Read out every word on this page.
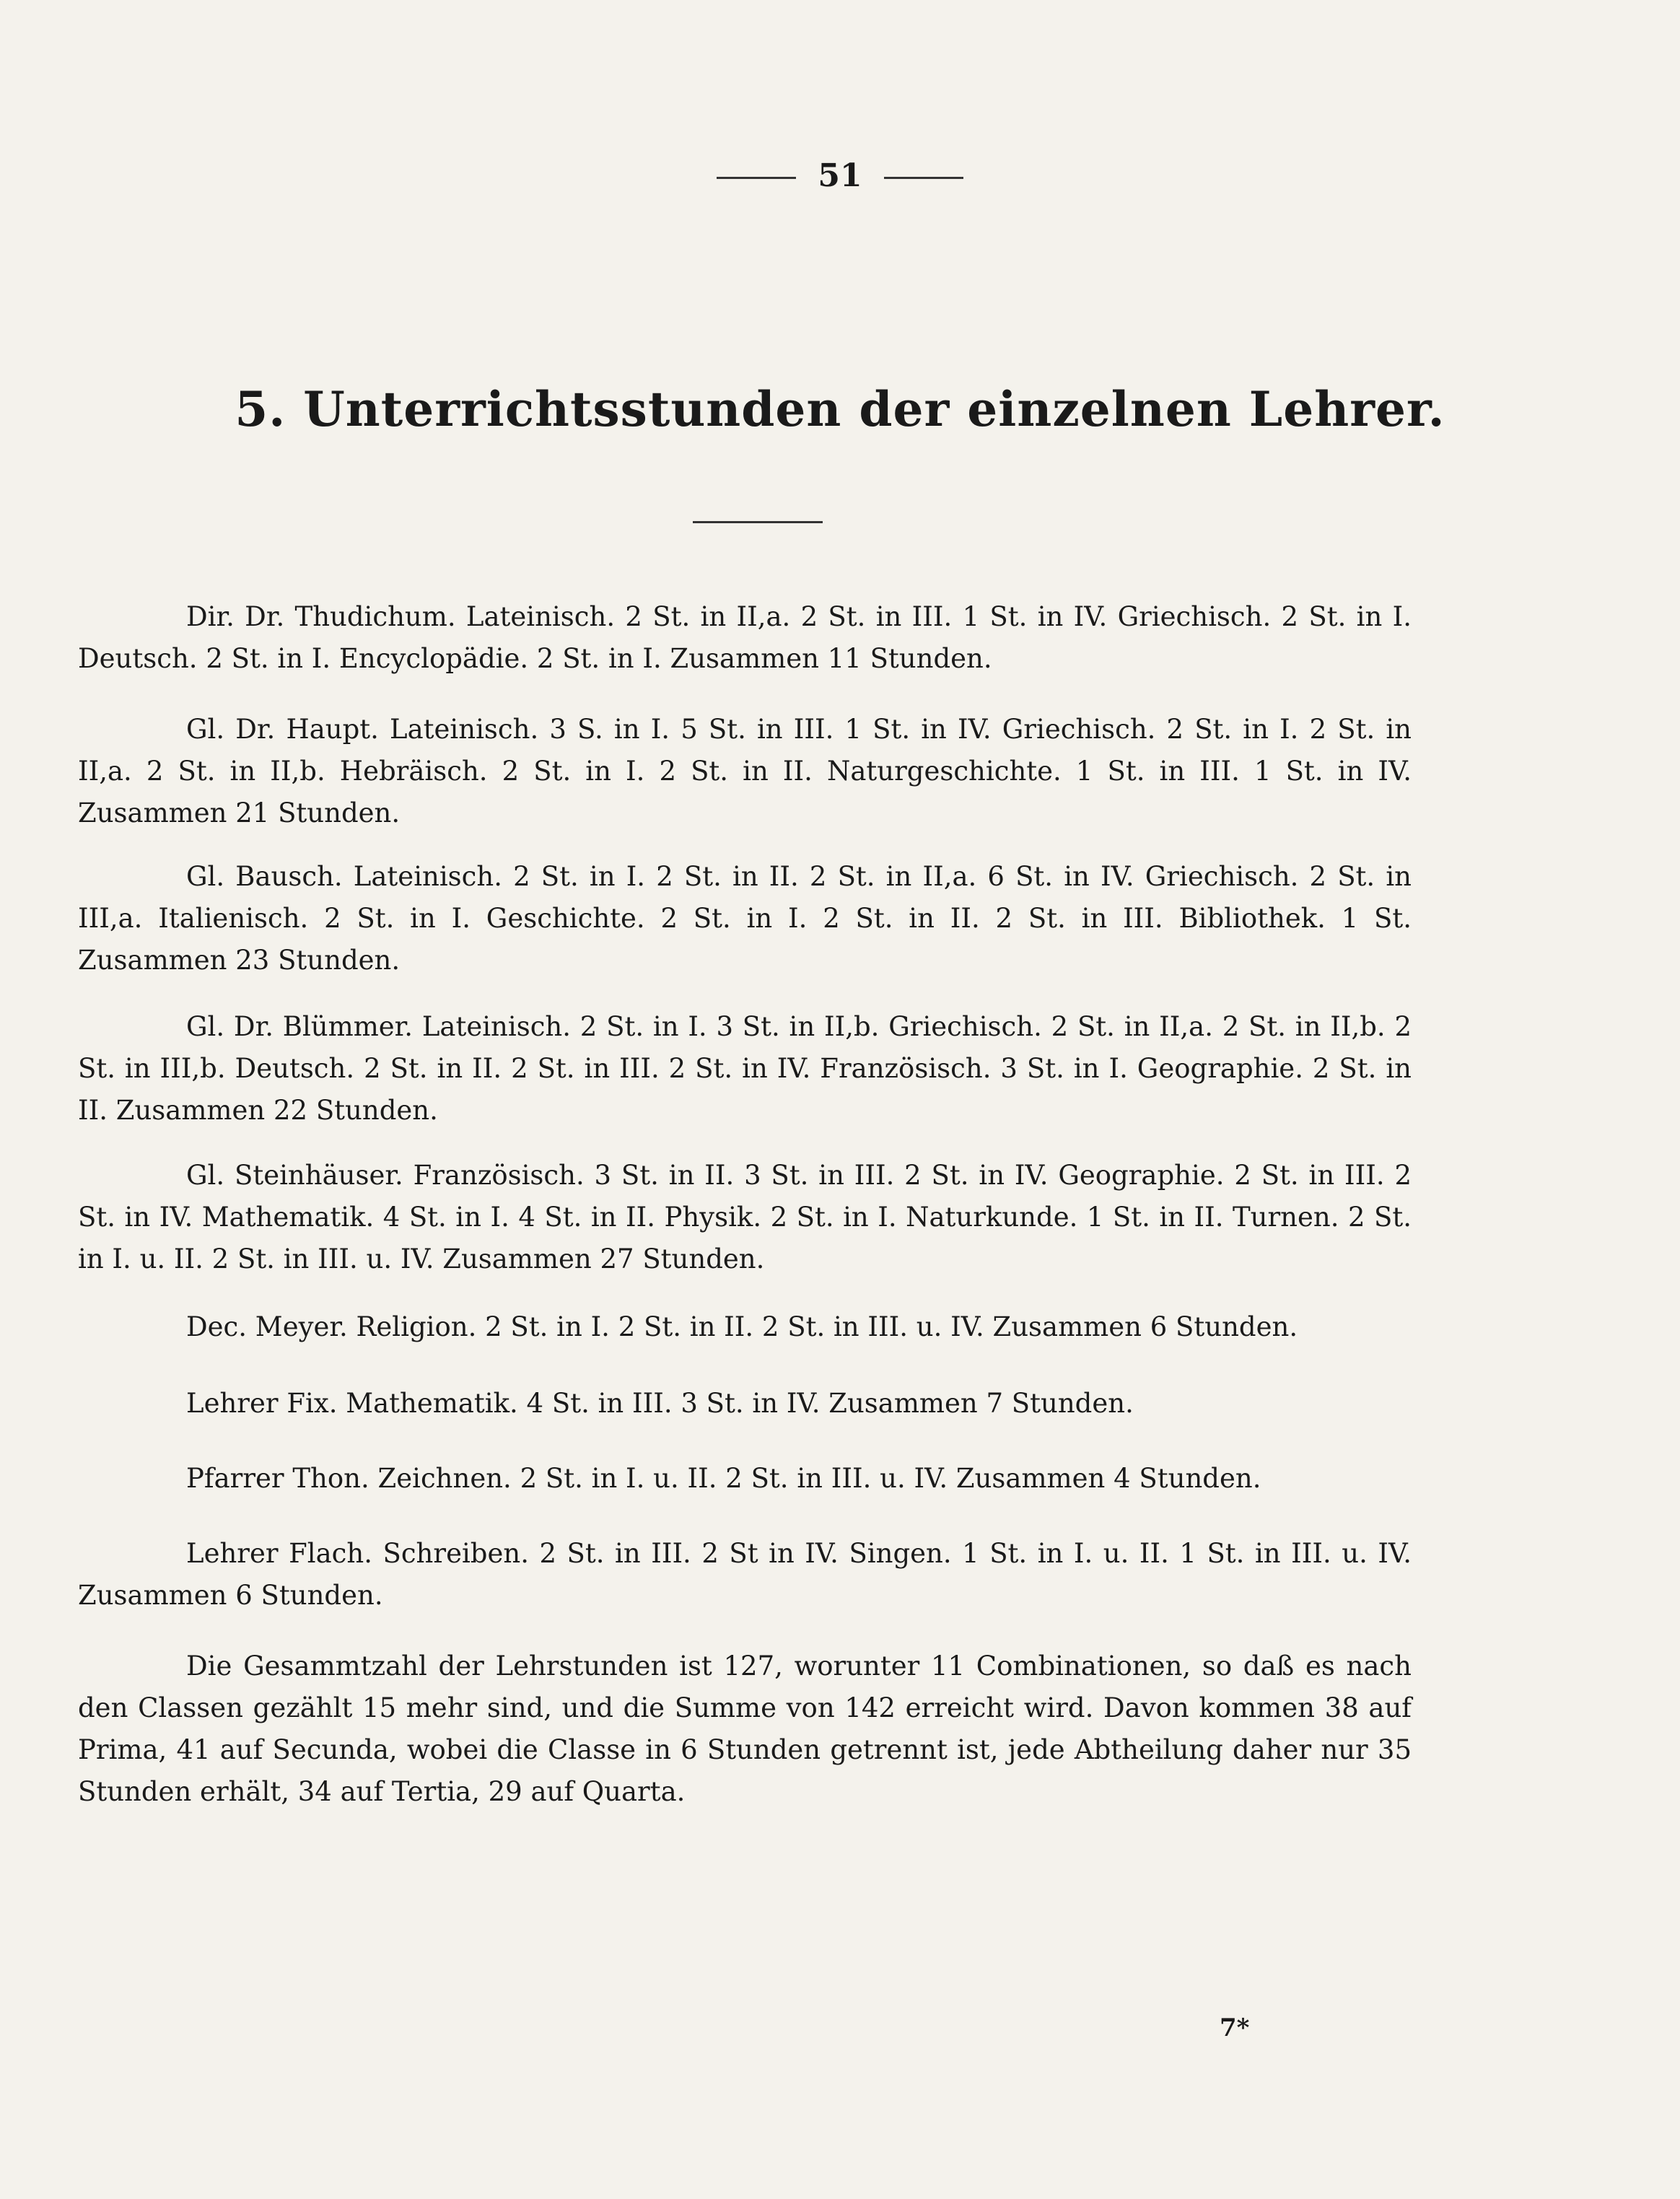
51
5. Unterrichtsstunden der einzelnen Lehrer.

Dir. Dr. Thudichum. Lateinisch. 2 St. in II,a. 2 St. in III. 1 St. in IV. Griechisch. 2 St. in I. Deutsch. 2 St. in I. Encyclopädie. 2 St. in I. Zusammen 11 Stunden.

Gl. Dr. Haupt. Lateinisch. 3 S. in I. 5 St. in III. 1 St. in IV. Griechisch. 2 St. in I. 2 St. in II,a. 2 St. in II,b. Hebräisch. 2 St. in I. 2 St. in II. Naturgeschichte. 1 St. in III. 1 St. in IV. Zusammen 21 Stunden.

Gl. Bausch. Lateinisch. 2 St. in I. 2 St. in II. 2 St. in II,a. 6 St. in IV. Griechisch. 2 St. in III,a. Italienisch. 2 St. in I. Geschichte. 2 St. in I. 2 St. in II. 2 St. in III. Bibliothek. 1 St. Zusammen 23 Stunden.

Gl. Dr. Blümmer. Lateinisch. 2 St. in I. 3 St. in II,b. Griechisch. 2 St. in II,a. 2 St. in II,b. 2 St. in III,b. Deutsch. 2 St. in II. 2 St. in III. 2 St. in IV. Französisch. 3 St. in I. Geographie. 2 St. in II. Zusammen 22 Stunden.

Gl. Steinhäuser. Französisch. 3 St. in II. 3 St. in III. 2 St. in IV. Geographie. 2 St. in III. 2 St. in IV. Mathematik. 4 St. in I. 4 St. in II. Physik. 2 St. in I. Naturkunde. 1 St. in II. Turnen. 2 St. in I. u. II. 2 St. in III. u. IV. Zusammen 27 Stunden.

Dec. Meyer. Religion. 2 St. in I. 2 St. in II. 2 St. in III. u. IV. Zusammen 6 Stunden.

Lehrer Fix. Mathematik. 4 St. in III. 3 St. in IV. Zusammen 7 Stunden.

Pfarrer Thon. Zeichnen. 2 St. in I. u. II. 2 St. in III. u. IV. Zusammen 4 Stunden.

Lehrer Flach. Schreiben. 2 St. in III. 2 St in IV. Singen. 1 St. in I. u. II. 1 St. in III. u. IV. Zusammen 6 Stunden.

Die Gesammtzahl der Lehrstunden ist 127, worunter 11 Combinationen, so daß es nach den Classen gezählt 15 mehr sind, und die Summe von 142 erreicht wird. Davon kommen 38 auf Prima, 41 auf Secunda, wobei die Classe in 6 Stunden getrennt ist, jede Abtheilung daher nur 35 Stunden erhält, 34 auf Tertia, 29 auf Quarta.

7*
